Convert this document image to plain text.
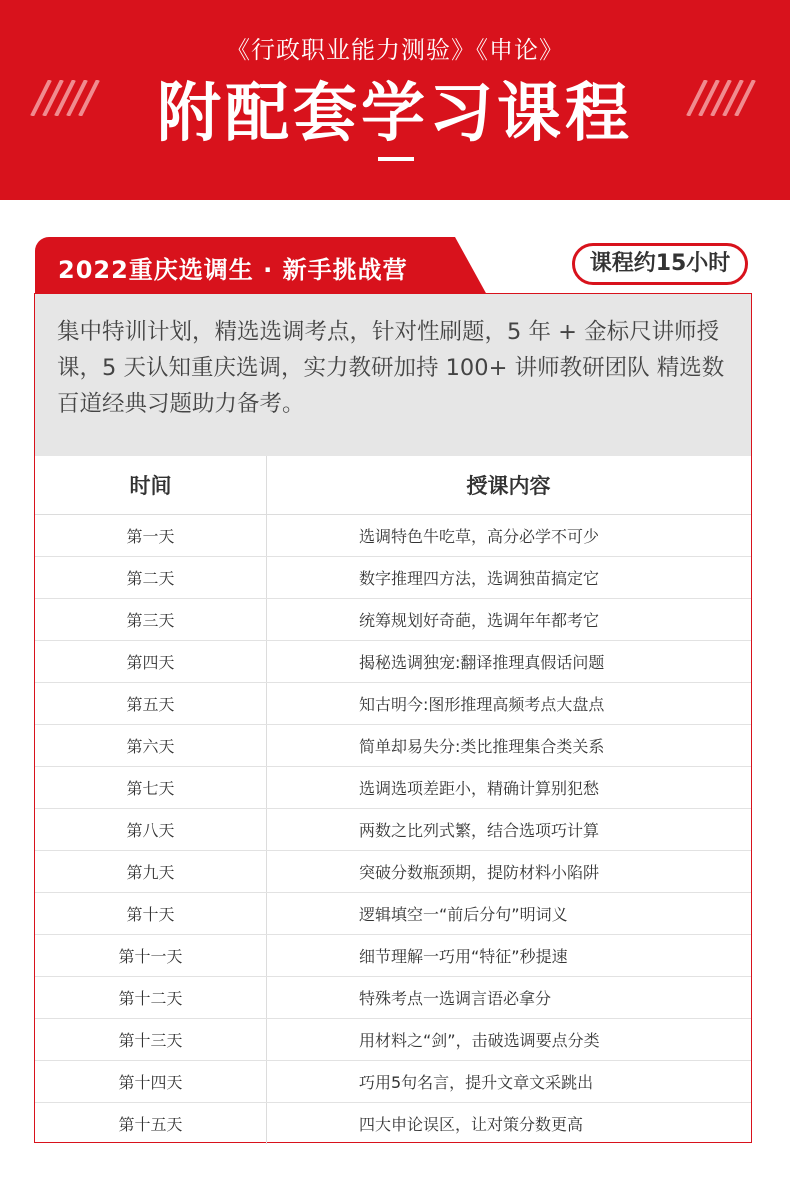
《行政职业能力测验》《申论》
附配套学习课程
2022重庆选调生 · 新手挑战营	课程约15小时
集中特训计划，精选选调考点，针对性刷题，5 年 + 金标尺讲师授课，5 天认知重庆选调，实力教研加持 100+ 讲师教研团队 精选数百道经典习题助力备考。
时间	授课内容
第一天	选调特色牛吃草，高分必学不可少
第二天	数字推理四方法，选调独苗搞定它
第三天	统筹规划好奇葩，选调年年都考它
第四天	揭秘选调独宠:翻译推理真假话问题
第五天	知古明今:图形推理高频考点大盘点
第六天	简单却易失分:类比推理集合类关系
第七天	选调选项差距小，精确计算别犯愁
第八天	两数之比列式繁，结合选项巧计算
第九天	突破分数瓶颈期，提防材料小陷阱
第十天	逻辑填空一“前后分句”明词义
第十一天	细节理解一巧用“特征”秒提速
第十二天	特殊考点一选调言语必拿分
第十三天	用材料之“剑”，击破选调要点分类
第十四天	巧用5句名言，提升文章文采跳出
第十五天	四大申论误区，让对策分数更高
